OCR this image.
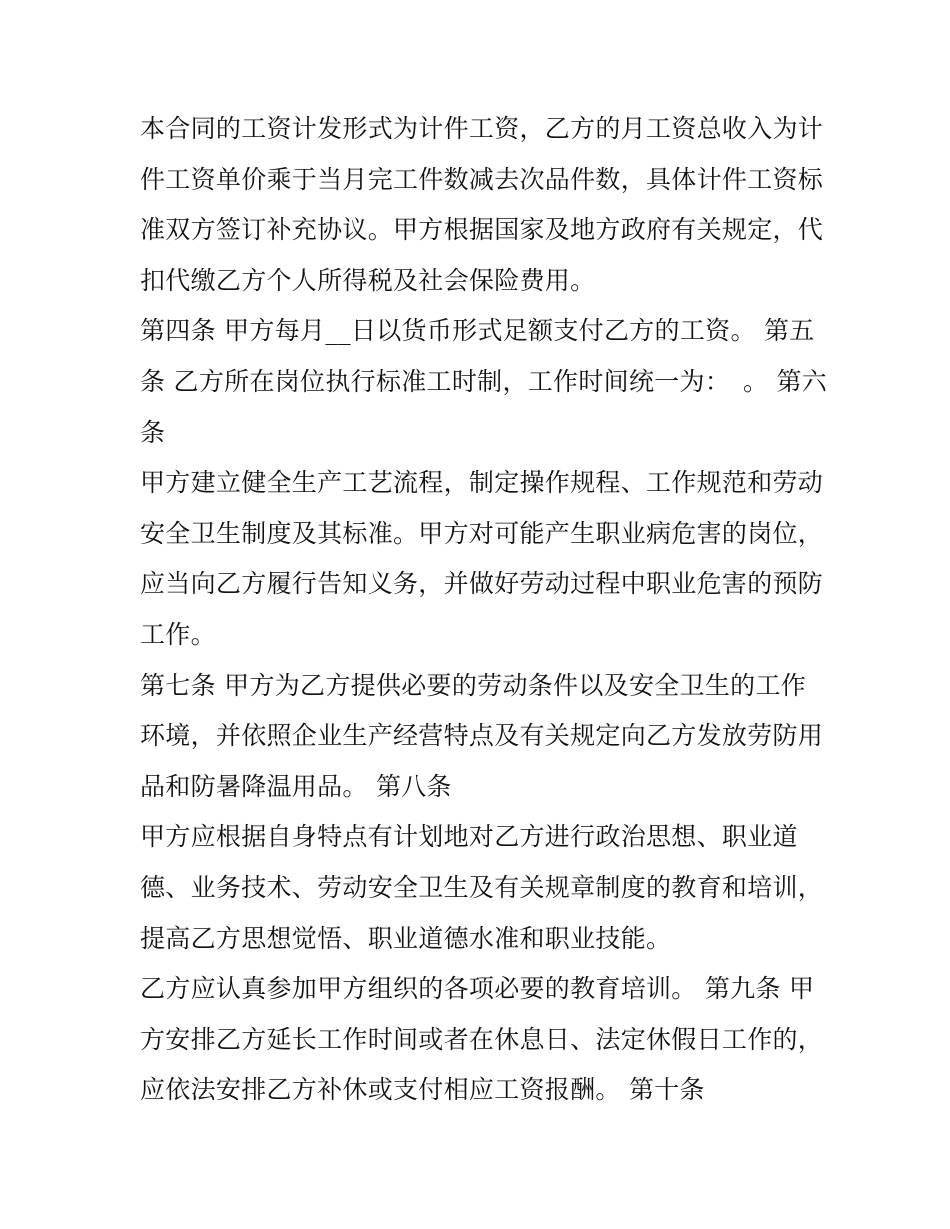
本合同的工资计发形式为计件工资，乙方的月工资总收入为计
件工资单价乘于当月完工件数减去次品件数，具体计件工资标
准双方签订补充协议。甲方根据国家及地方政府有关规定，代
扣代缴乙方个人所得税及社会保险费用。
第四条 甲方每月__日以货币形式足额支付乙方的工资。 第五
条 乙方所在岗位执行标准工时制，工作时间统一为：　。 第六
条
甲方建立健全生产工艺流程，制定操作规程、工作规范和劳动
安全卫生制度及其标准。甲方对可能产生职业病危害的岗位，
应当向乙方履行告知义务，并做好劳动过程中职业危害的预防
工作。
第七条 甲方为乙方提供必要的劳动条件以及安全卫生的工作
环境，并依照企业生产经营特点及有关规定向乙方发放劳防用
品和防暑降温用品。 第八条
甲方应根据自身特点有计划地对乙方进行政治思想、职业道
德、业务技术、劳动安全卫生及有关规章制度的教育和培训，
提高乙方思想觉悟、职业道德水准和职业技能。
乙方应认真参加甲方组织的各项必要的教育培训。 第九条 甲
方安排乙方延长工作时间或者在休息日、法定休假日工作的，
应依法安排乙方补休或支付相应工资报酬。 第十条
